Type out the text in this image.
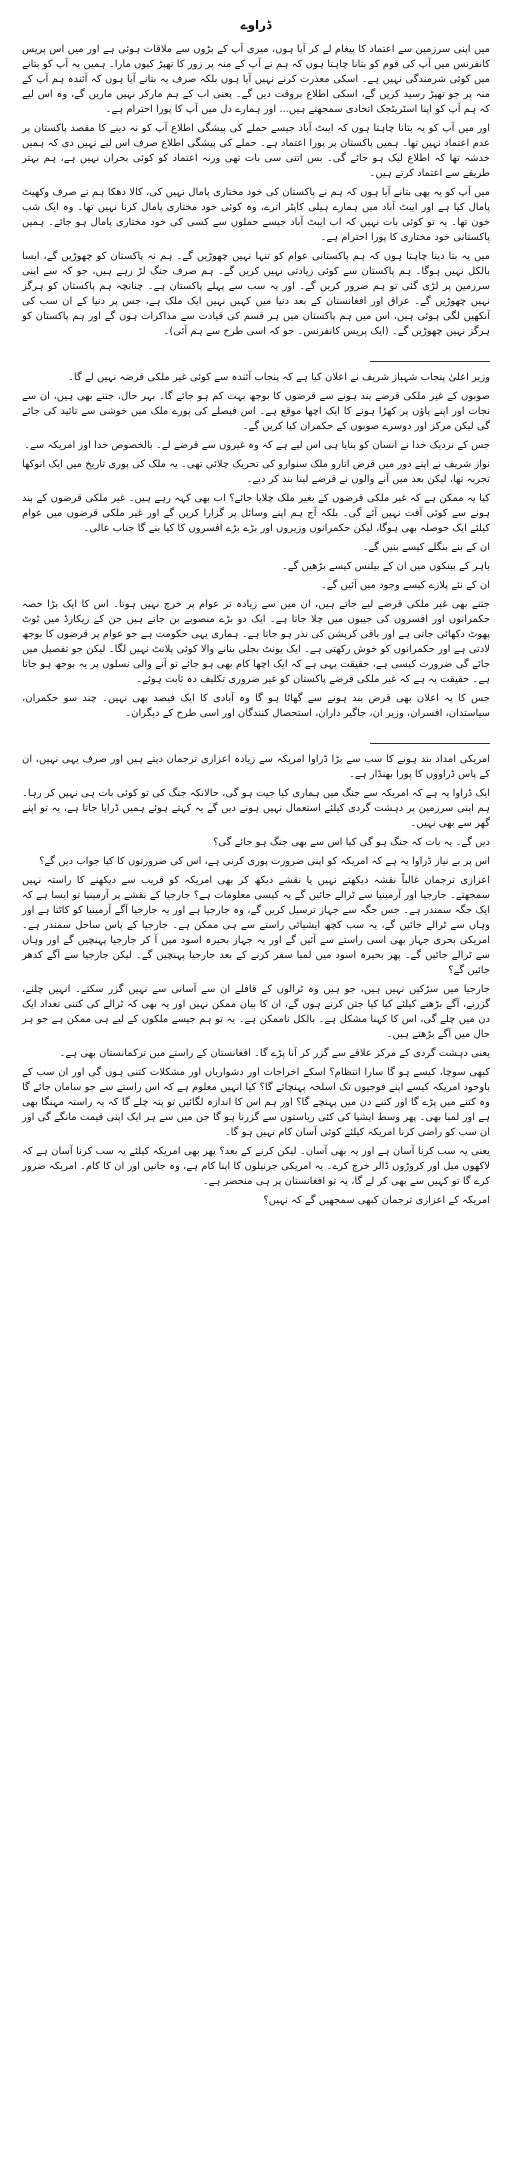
ڈراوے

میں اپنی سرزمین سے اعتماد کا پیغام لے کر آیا ہوں، میری آپ کے بڑوں سے ملاقات ہوئی ہے اور میں اس پریس کانفرنس میں آپ کی قوم کو بتانا چاہتا ہوں کہ ہم نے آپ کے منہ پر زور کا تھپڑ کیوں مارا۔ ہمیں یہ آپ کو بتانے میں کوئی شرمندگی نہیں ہے۔ اسکی معذرت کرنے نہیں آیا ہوں بلکہ صرف یہ بتانے آیا ہوں کہ آئندہ ہم آپ کے منہ پر جو تھپڑ رسید کریں گے، اسکی اطلاع بروقت دیں گے۔ یعنی اب کے ہم مارکر نہیں ماریں گے، وہ اس لیے کہ ہم آپ کو اپنا اسٹریٹجک اتحادی سمجھتے ہیں... اور ہمارے دل میں آپ کا پورا احترام ہے۔

اور میں آپ کو یہ بتانا چاہتا ہوں کہ ایبٹ آباد جیسے حملے کی پیشگی اطلاع آپ کو نہ دینے کا مقصد پاکستان پر عدم اعتماد نہیں تھا۔ ہمیں پاکستان پر پورا اعتماد ہے۔ حملے کی پیشگی اطلاع صرف اس لیے نہیں دی کہ ہمیں خدشہ تھا کہ اطلاع لیک ہو جائے گی۔ بس اتنی سی بات تھی ورنہ اعتماد کو کوئی بحران نہیں ہے، ہم بہتر طریقے سے اعتماد کرتے ہیں۔

میں آپ کو یہ بھی بتانے آیا ہوں کہ ہم نے پاکستان کی خود مختاری پامال نہیں کی، کالا دھکا ہم نے صرف وکھیٹ پامال کیا ہے اور ایبٹ آباد میں ہمارے ہیلی کاپٹر اترے، وہ کوئی خود مختاری پامال کرنا نہیں تھا۔ وہ ایک شب خون تھا۔ یہ تو کوئی بات نہیں کہ اب ایبٹ آباد جیسے حملوں سے کسی کی خود مختاری پامال ہو جائے۔ ہمیں پاکستانی خود مختاری کا پورا احترام ہے۔

میں یہ بتا دینا چاہتا ہوں کہ ہم پاکستانی عوام کو تنہا نہیں چھوڑیں گے۔ ہم نہ پاکستان کو چھوڑیں گے، ایسا بالکل نہیں ہوگا۔ ہم پاکستان سے کوئی زیادتی نہیں کریں گے۔ ہم صرف جنگ لڑ رہے ہیں، جو کہ سے اپنی سرزمین پر لڑی گئی تو ہم ضرور کریں گے۔ اور یہ سب سے پہلے پاکستان ہے۔ چنانچہ ہم پاکستان کو ہرگز نہیں چھوڑیں گے۔ عراق اور افغانستان کے بعد دنیا میں کہیں نہیں ایک ملک ہے، جس پر دنیا کے ان سب کی آنکھیں لگی ہوئی ہیں، اس میں ہم پاکستان میں ہر قسم کی قیادت سے مذاکرات ہوں گے اور ہم پاکستان کو ہرگز نہیں چھوڑیں گے۔ (ایک پریس کانفرنس۔ جو کہ اسی طرح سے ہم آئی)۔

وزیر اعلیٰ پنجاب شہباز شریف نے اعلان کیا ہے کہ پنجاب آئندہ سے کوئی غیر ملکی قرضہ نہیں لے گا۔

صوبوں کے غیر ملکی قرضے بند ہونے سے قرضوں کا بوجھ بہت کم ہو جائے گا۔ بہر حال، جتنے بھی ہیں، ان سے نجات اور اپنے پاؤں پر کھڑا ہونے کا ایک اچھا موقع ہے۔ اس فیصلے کی پورے ملک میں خوشی سے تائید کی جائے گی لیکن مرکز اور دوسرے صوبوں کے حکمران کیا کریں گے۔

جس کے نزدیک خدا نے انسان کو بنایا ہی اس لیے ہے کہ وہ غیروں سے قرضے لے۔ بالخصوص خدا اور امریکہ سے۔

نواز شریف نے اپنے دور میں قرض اتارو ملک سنوارو کی تحریک چلائی تھی۔ یہ ملک کی پوری تاریخ میں ایک انوکھا تجربہ تھا، لیکن بعد میں آنے والوں نے قرضے لینا بند کر دیے۔

کیا یہ ممکن ہے کہ غیر ملکی قرضوں کے بغیر ملک چلایا جائے؟ اب بھی کہہ رہے ہیں۔ غیر ملکی قرضوں کے بند ہونے سے کوئی آفت نہیں آئے گی۔ بلکہ آج ہم اپنے وسائل پر گزارا کریں گے اور غیر ملکی قرضوں میں عوام کیلئے ایک حوصلہ بھی ہوگا، لیکن حکمرانوں وزیروں اور بڑے بڑے افسروں کا کیا بنے گا جناب عالی۔

ان کے بنے بنگلے کیسے بنیں گے۔

باہر کے بینکوں میں ان کے بیلنس کیسے بڑھیں گے۔

ان کے نئے پلازے کیسے وجود میں آئیں گے۔

جتنے بھی غیر ملکی قرضے لیے جاتے ہیں، ان میں سے زیادہ تر عوام پر خرچ نہیں ہوتا۔ اس کا ایک بڑا حصہ حکمرانوں اور افسروں کی جیبوں میں چلا جاتا ہے۔ ایک دو بڑے منصوبے بن جاتے ہیں جن کے ریکارڈ میں ٹوٹ پھوٹ دکھائی جاتی ہے اور باقی کرپشن کی نذر ہو جاتا ہے۔ ہماری یہی حکومت ہے جو عوام پر قرضوں کا بوجھ لادتی ہے اور حکمرانوں کو خوش رکھتی ہے۔ ایک یونٹ بجلی بنانے والا کوئی پلانٹ نہیں لگا۔ لیکن جو تفصیل میں جائے گی ضرورت کیسی ہے، حقیقت یہی ہے کہ ایک اچھا کام بھی ہو جائے تو آنے والی نسلوں پر یہ بوجھ ہو جاتا ہے۔ حقیقت یہ ہے کہ غیر ملکی قرضے پاکستان کو غیر ضروری تکلیف دہ ثابت ہوئے۔

جس کا یہ اعلان بھی قرض بند ہونے سے گھاٹا ہو گا وہ آبادی کا ایک فیصد بھی نہیں۔ چند سو حکمران، سیاستدان، افسران، وزیر ان، جاگیر داران، استحصال کنندگان اور اسی طرح کے دیگران۔

امریکی امداد بند ہونے کا سب سے بڑا ڈراوا امریکہ سے زیادہ اعزازی ترجمان دیتے ہیں اور صرف یہی نہیں، ان کے پاس ڈراووں کا پورا بھنڈار ہے۔

ایک ڈراوا یہ ہے کہ امریکہ سے جنگ میں ہماری کیا جیت ہو گی، حالانکہ جنگ کی تو کوئی بات ہی نہیں کر رہا۔ ہم اپنی سرزمین پر دہشت گردی کیلئے استعمال نہیں ہونے دیں گے یہ کہتے ہوئے ہمیں ڈرایا جاتا ہے، یہ تو اپنے گھر سے بھی نہیں۔

دیں گے۔ یہ بات کہ جنگ ہو گی کیا اس سے بھی جنگ ہو جائے گی؟

اس پر بے نیاز ڈراوا یہ ہے کہ امریکہ کو اپنی ضرورت پوری کرنی ہے، اس کی ضرورتوں کا کیا جواب دیں گے؟

اعزازی ترجمان غالباً نقشہ دیکھتے نہیں یا نقشے دیکھ کر بھی امریکہ کو قریب سے دیکھنے کا راستہ نہیں سمجھتے۔ جارجیا اور آرمینیا سے ٹرالے جائیں گے یہ کیسی معلومات ہے؟ جارجیا کے نقشے پر آرمینیا تو ایسا ہے کہ ایک جگہ سمندر ہے۔ جس جگہ سے جہاز ترسیل کریں گے، وہ جارجیا ہے اور یہ جارجیا آگے آرمینیا کو کاٹتا ہے اور وہاں سے ٹرالے جائیں گے، یہ سب کچھ ایشیائی راستے سے ہی ممکن ہے۔ جارجیا کے پاس ساحل سمندر ہے۔ امریکی بحری جہاز بھی اسی راستے سے آئیں گے اور یہ جہاز بحیرہ اسود میں آ کر جارجیا پہنچیں گے اور وہاں سے ٹرالے جائیں گے۔ پھر بحیرہ اسود میں لمبا سفر کرنے کے بعد جارجیا پہنچیں گے۔ لیکن جارجیا سے آگے کدھر جائیں گے؟

جارجیا میں سڑکیں نہیں ہیں، جو ہیں وہ ٹرالوں کے قافلے ان سے آسانی سے نہیں گزر سکتے۔ انہیں چلنے، گزرنے، آگے بڑھنے کیلئے کیا کیا جتن کرنے ہوں گے، ان کا بیان ممکن نہیں اور یہ بھی کہ ٹرالے کی کتنی تعداد ایک دن میں چلے گی، اس کا کہنا مشکل ہے۔ بالکل ناممکن ہے۔ یہ تو ہم جیسے ملکوں کے لیے ہی ممکن ہے جو ہر حال میں آگے بڑھتے ہیں۔

یعنی دہشت گردی کے مرکز علاقے سے گزر کر آنا پڑے گا۔ افغانستان کے راستے میں ترکمانستان بھی ہے۔

کبھی سوچا، کیسے ہو گا سارا انتظام؟ اسکے اخراجات اور دشواریاں اور مشکلات کتنی ہوں گی اور ان سب کے باوجود امریکہ کیسے اپنے فوجیوں تک اسلحہ پہنچائے گا؟ کیا انہیں معلوم ہے کہ اس راستے سے جو سامان جائے گا وہ کتنے میں پڑے گا اور کتنے دن میں پہنچے گا؟ اور ہم اس کا اندازہ لگائیں تو پتہ چلے گا کہ یہ راستہ مہنگا بھی ہے اور لمبا بھی۔ پھر وسط ایشیا کی کئی ریاستوں سے گزرنا ہو گا جن میں سے ہر ایک اپنی قیمت مانگے گی اور ان سب کو راضی کرنا امریکہ کیلئے کوئی آسان کام نہیں ہو گا۔

یعنی یہ سب کرنا آسان ہے اور یہ بھی آسان۔ لیکن کرنے کے بعد؟ پھر بھی امریکہ کیلئے یہ سب کرنا آسان ہے کہ لاکھوں میل اور کروڑوں ڈالر خرچ کرے۔ یہ امریکی جرنیلوں کا اپنا کام ہے، وہ جانیں اور ان کا کام۔ امریکہ ضرور کرے گا تو کہیں سے بھی کر لے گا، یہ تو افغانستان پر ہی منحصر ہے۔

امریکہ کے اعزازی ترجمان کبھی سمجھیں گے کہ نہیں؟
